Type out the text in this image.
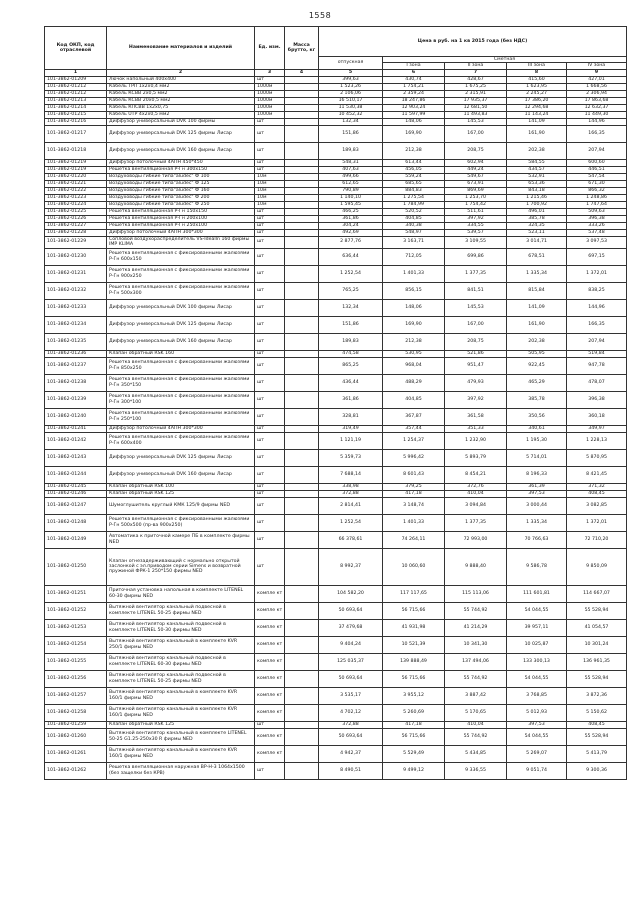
1558
Код ОКП, код отраслевой	Наименование материалов и изделий	Ед. изм.	Масса брутто, кг	Цена в руб. на 1 кв 2015 года (без НДС)				
				отпускная	Сметная			
					I зона	II зона	III зона	IV зона
1	2	3	4	5	6	7	8	9
101-3862-01209	Лючок напольный 400х400	шт		399,63	430,74	428,67	415,60	427,01
101-3862-01212	Кабель ТРП 1х2х0,4 мм2	1000м		1 523,26	1 754,21	1 675,25	1 623,95	1 668,56
101-3862-01212	Кабель КСВВ 2х0,5 мм2	1000м		2 106,06	2 359,24	2 315,91	2 245,27	2 306,94
101-3862-01213	Кабель КСВВ 20х0,5 мм2	1000м		16 510,17	18 247,86	17 935,37	17 386,20	17 863,68
101-3862-01214	Кабель КПСВВ 1х2х0,75	1000м		11 530,38	12 903,24	12 681,50	12 294,68	12 632,37
101-3862-01215	Кабель UTP 4х2х0,5 мм2	1000м		10 452,32	11 597,99	11 493,83	11 143,24	11 449,30
101-3862-01216	Диффузор универсальный DVK 100 фирмы	шт		132,34	148,06	145,53	141,09	144,96
101-3862-01217	Диффузор универсальный DVK 125 фирмы Лисар	шт		151,86	169,90	167,00	161,90	166,35
101-3862-01218	Диффузор универсальный DVK 160 фирмы Лисар	шт		189,83	212,38	208,75	202,38	207,94
101-3862-01219	Диффузор потолочный 4АПН 450*450	шт		548,31	613,44	602,94	584,55	600,60
101-3862-01219	Решетка вентиляционная Р-Гн 300х150	шт		407,63	456,05	449,24	434,57	446,51
101-3862-01220	Воздуховоды гибкие типа"aludec" Ф 100	10м		499,66	559,24	549,67	532,91	547,54
101-3862-01221	Воздуховоды гибкие типа"aludec" Ф 125	10м		612,65	685,65	673,91	653,36	671,30
101-3862-01222	Воздуховоды гибкие типа"aludec" Ф 160	10м		790,89	884,83	869,69	843,18	866,32
101-3862-01223	Воздуховоды гибкие типа"aludec" Ф 200	10м		1 140,10	1 275,54	1 253,70	1 215,46	1 248,86
101-3862-01224	Воздуховоды гибкие типа"aludec" Ф 250	10м		1 595,45	1 784,99	1 754,42	1 700,92	1 747,64
101-3862-01225	Решетка вентиляционная Р-Гн 150х150	шт		466,25	520,52	511,61	496,01	509,63
101-3862-01226	Решетка вентиляционная Р-Гн 200х100	шт		361,86	404,85	397,92	385,78	396,38
101-3862-01227	Решетка вентиляционная Р-Гн 250х100	шт		304,24	340,38	334,55	324,35	333,26
101-3862-01228	Диффузор потолочный 4АПН 300*300	шт		492,69	548,97	539,57	523,11	537,48
101-3862-01229	Сопловой воздухораспределитель VS-Idealln 160 фирмы IMP KLIMA	шт		2 877,76	3 163,71	3 109,55	3 014,71	3 097,53
101-3862-01230	Решетка вентиляционная с фиксированными жалюзями Р-Гн 600х150	шт		636,44	712,05	699,86	678,51	697,15
101-3862-01231	Решетка вентиляционная с фиксированными жалюзями Р-Гн 900х250	шт		1 252,54	1 401,33	1 377,35	1 335,34	1 372,01
101-3862-01232	Решетка вентиляционная с фиксированными жалюзями Р-Гн 500х300	шт		765,25	856,15	841,51	815,84	838,25
101-3862-01233	Диффузор универсальный DVK 100 фирмы Лисар	шт		132,34	148,06	145,53	141,09	144,96
101-3862-01234	Диффузор универсальный DVK 125 фирмы Лисар	шт		151,86	169,90	167,00	161,90	166,35
101-3862-01235	Диффузор универсальный DVK 160 фирмы Лисар	шт		189,83	212,38	208,75	202,38	207,94
101-3862-01236	Клапан обратный RSK 160	шт		474,58	530,95	521,86	505,95	519,84
101-3862-01237	Решетка вентиляционная с фиксированными жалюзями Р-Гн 850х250	шт		865,25	968,04	951,47	922,45	947,78
101-3862-01238	Решетка вентиляционная с фиксированными жалюзями Р-Гн 350*150	шт		436,44	488,29	479,93	465,29	478,07
101-3862-01239	Решетка вентиляционная с фиксированными жалюзями Р-Гн 300*100	шт		361,86	404,85	397,92	385,78	396,38
101-3862-01240	Решетка вентиляционная с фиксированными жалюзями Р-Гн 250*100	шт		328,81	367,87	361,58	350,56	360,18
101-3862-01241	Диффузор потолочный 4АПН 300*300	шт		319,49	357,44	351,33	340,61	349,97
101-3862-01242	Решетка вентиляционная с фиксированными жалюзями Р-Гн 600х400	шт		1 121,19	1 254,37	1 232,90	1 195,30	1 228,13
101-3862-01243	Диффузор универсальный DVK 125 фирмы Лисар	шт		5 359,73	5 996,42	5 893,79	5 714,01	5 870,95
101-3862-01244	Диффузор универсальный DVK 160 фирмы Лисар	шт		7 688,14	8 601,43	8 454,21	8 196,33	8 421,45
101-3862-01245	Клапан обратный RSK 100	шт		338,98	379,25	372,76	361,39	371,32
101-3862-01246	Клапан обратный RSK 125	шт		372,88	417,18	410,04	397,53	408,45
101-3862-01247	Шумоглушитель круглый КМК 125/9 фирмы NED	шт		2 814,41	3 148,74	3 094,84	3 000,44	3 082,85
101-3862-01248	Решетка вентиляционная с фиксированными жалюзями Р-Гн 500х500 (пр-ва 900х250)	шт		1 252,54	1 401,33	1 377,35	1 335,34	1 372,01
101-3862-01249	Автоматика к приточной камере ПБ в комплекте фирмы NED	шт		66 378,61	74 264,11	72 993,00	70 766,63	72 710,20
101-3862-01250	Клапан огнезадерживающий с нормально открытой заслонкой с эл.приводом серии Simens и возвратной пружиной ФРК-1 250*150 фирмы NED	шт		8 992,37	10 060,60	9 888,40	9 586,78	9 850,09
101-3862-01251	Приточная установка напольная в комплекте LITENEL 60-30 фирмы NED	компле кт		104 582,20	117 117,65	115 113,06	111 601,81	114 667,07
101-3862-01252	Вытяжной вентилятор канальный подвесной в комплекте LITENEL 50-25 фирмы NED	компле кт		50 693,64	56 715,66	55 744,92	54 044,55	55 528,94
101-3862-01253	Вытяжной вентилятор канальный подвесной в комплекте LITENEL 50-30 фирмы NED	компле кт		37 479,68	41 931,98	41 214,29	39 957,11	41 054,57
101-3862-01254	Вытяжной вентилятор канальный в комплекте KVR 250/1 фирмы NED	компле кт		9 404,24	10 521,39	10 341,30	10 025,87	10 301,24
101-3862-01255	Вытяжной вентилятор канальный подвесной в комплекте LITENEL 60-30 фирмы NED	компле кт		125 035,37	139 888,49	137 494,06	133 300,13	136 961,35
101-3862-01256	Вытяжной вентилятор канальный подвесной в комплекте LITENEL 50-25 фирмы NED	компле кт		50 693,64	56 715,66	55 744,92	54 044,55	55 528,94
101-3862-01257	Вытяжной вентилятор канальный в комплекте KVR 160/1 фирмы NED	компле кт		3 535,17	3 955,12	3 887,42	3 768,85	3 872,36
101-3862-01258	Вытяжной вентилятор канальный в комплекте KVR 160/1 фирмы NED	компле кт		4 702,12	5 260,69	5 170,65	5 012,93	5 150,62
101-3862-01259	Клапан обратный RSK 125	шт		372,88	417,18	410,04	397,53	408,45
101-3862-01260	Вытяжной вентилятор канальный в комплекте LITENEL 50-25 G1.25-250х30 R фирмы NED	компле кт		50 693,64	56 715,66	55 744,92	54 044,55	55 528,94
101-3862-01261	Вытяжной вентилятор канальный в комплекте KVR 160/1 фирмы NED	компле кт		4 942,37	5 529,49	5 434,85	5 269,07	5 413,79
101-3862-01262	Решетка вентиляционная наружная ВР-Н-3 1064х1500 (без защелки без КРВ)	шт		8 490,51	9 499,12	9 336,55	9 051,74	9 300,36
